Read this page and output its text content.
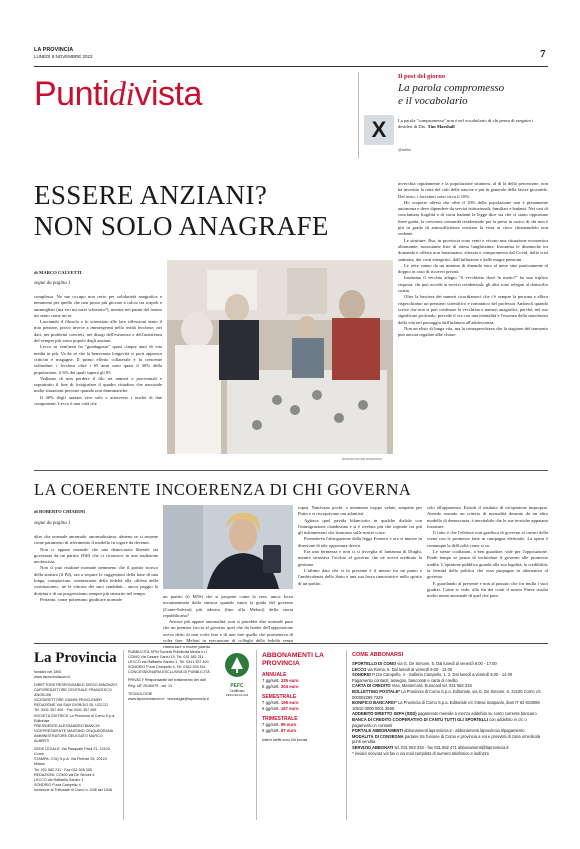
LA PROVINCIA
LUNEDÌ 6 NOVEMBRE 2023	7
Puntidivista	Il post del giorno
La parola compromesso
e il vocabolario
X
@twitter
La parola "compromesso" non è nel vocabolario di chi pensa di eseguire i desideri di Dio. Tim Marshall
ESSERE ANZIANI?
NON SOLO ANAGRAFE
di MARCO CALVETTI
segue da pagina 1

complessa. Ne me occupo non certo per solidarietà anagrafica e nemmeno per quello che non posso più giocare a calcio tra scapoli e ammogliati (ma ero mi sarei schierato?), mentre nei panni del nonno mi sento come un re.

Lasciando il filosofo e lo scienziato alle loro riflessioni sento il mio pensare, provo invece a immergermi nella realtà lecchese, nei dati, nei problemi concreti, nei disagi dell'esistenza e dell'assistenza del sempre più vasto popolo degli anziani.

Lecco in vent'anni ha "guadagnato" quasi cinque anni di vita media in più. Va da sé che la benvenuta longevità si porti appresso criticità e magagne. Il primo effetto collaterale è la crescente solitudine: i lecchesi oltre i 65 anni sono quasi il 30% della popolazione, il 6% dei quali supera gli 85.

Vediamo di non perdere il filo tra numeri e percentuali e soprattutto il fine di fotografare il quadro cittadino che nasconde molte situazioni precarie quando non drammatiche.

Il 40% degli anziani vive solo e attraverso i nuclei di due componenti. Lecco è una città che

RIPRODUZIONE RISERVATA

invecchia rapidamente e la popolazione straniera, al di là della percezione, non ha invertito la rotta del calo delle nascite e più in generale della fascia giovanile. Del resto, i forestieri sono circa il 10%.

Ho scoperto altresì che oltre il 10% della popolazione non è pienamente autonoma e deve dipendere da servizi istituzionali, familiari e badanti. Nei casi di conclamata fragilità e di vuoti badanti la legge dice sia che ci siano opportune linee guida, la crescente comunità residenziale per la presa in carico di chi non è più in grado di autosufficienza resistere la vista ai cieco chiamandolo non vedente.

Le strutture. Rsa, in provincia sono venti e vivono una situazione economica allarmante, nonostante liste di attesa lunghissime. Insomma le dinamiche tra domanda e offerta non funzionano, alterata e compromessa dal Covid, dalla crisi sanitaria, dai costi energetici, dall'inflazione e dalle magre pensioni.

Le rette vanno da un minimo di duemila euro al mese sino praticamente al doppio in caso di ricoveri privati.

Insomma il vecchio adagio "il vecchietto dove lo metto?" ha una triplice risposta: chi può accede ai servizi residenziali, gli altri sono relegati al domicilio coatto.

Oltre la barriera dei numeri ricordiamoci che c'è sempre la persona e allora rispecchiamo un pensiero scientifico e romantico del professor Andreoli quando scrive che non si può confinare la vecchiaia a numeri anagrafici, perché, nel suo significato profondo, precede il via con una mentalità e l'essenza della stanchezza della vita nel passaggio dall'infanzia all'adolescenza.

Non un elisir di lunga vita, ma la consapevolezza che la stagione del tramonto può ancora regalare albe chiare.

LA COERENTE INCOERENZA DI CHI GOVERNA
di ROBERTO CHIARINI
segue da pagina 1

altro che normale anormale, anormalissimo, almeno se si assume come parametro di riferimento il modello in vigore da decenni.

Non ci appare normale che una democrazia liberale sia governata da un partito (FdI) che ci riconosce in una tradizione neofascista.

Non ci può risultare normale nemmeno che il partito storico della sinistra (il Pd), ora a sequire le suggestioni della base di una lunga, compiaciuta, ostentazione della fedeltà alla «difesa della costituzione», né la vittoria dei suoi candidati... ancor peggio la dottrina e di un progressismo sempre più smarrito nel tempo.

Pertanto, come potremmo giudicare normale

un partito (il M5S) che si propone come la vera, unica forza incontaminata della sinistra quando vanta la guida del governo (Conte-Salvini) più adestra (fino alla Meloni) della storia repubblicana?

Ancora più appare anormalità, non si potrebbe dire normale pure che un premier faccia al governo quel che da leader dell'opposizione aveva detto di non voler fare e di non fare quello che prometteva di voler fare. Meloni in esecuzione di colleghi della fedeltà senza rinunciare a essere partito.

ropea. Nutrivano pochi, o nemmeno troppo velate, simpatie per Putin e si riscoprivano ora atlantisti.

Agitava quel pavida bilanciotto in qualche disfida con l'immigrazione clandestina e si è rivelata più che ospitale coi più gli inframezzati che sbarcano sulle nostre coste.

Prometteva l'abrogazione della legge Fornero e ora si muove in direzione di tale opportuna deriva.

Era una fermezza e non ci si risveglia al fantasma di Draghi, mentre strizzava l'occhio al governo che ne aveva ereditato la gestione.

L'ultimo dato che si fa presente è il mezzo fra un punto e l'ambivalenza dello Stato e una sua forza rinnovatrice nello spirito di un partito.

solo all'apparenza. Esistiti il risultato di un'opinione impropria. Avendo assunto un criterio di normalità desunto da un altro modello di democrazia, è inevitabile che le sue tecniche appaiano forzature.

Il fatto è che l'elettore non gradisca di governo al centro della scena con le promesse fatte in campagna elettorale. La opera è comunque la difficoltà come si sa.

Le stesse coalizioni, a ben guardare, vale per l'opposizione. Perde tempo se pensa di inchiodare il governo alle promesse tradite. L'opinione pubblica guarda alla sua legalità, la credibilità, la fermità della politica che essa propugna in alternativa al governo.

E guardando al presente e non al passato che for mulla i suoi giudizi. Come si vede, alla fin dei conti il nostro Paese risulta molto meno anormale di quel che pare.

La Provincia
fondato nel 1892
www.laprovinciacom.it
DIRETTORE RESPONSABILE DIEGO MINONZIO
CAPOREDATTORE CENTRALE FRANCESCO ANGELINI
VICEDIRETTORE GIANNI PROCLEMER
REDAZIONE VIA SAN GIORGIO 26, LECCO
Tel. 0341 357 400 · Fax 0341 357 499
SOCIETÀ EDITRICE La Provincia di Como S.p.a. Editoriale
PRESIDENTE ALESSANDRO BIANCHI
VICEPRESIDENTE MASSIMO CINQUEGRANA
AMMINISTRATORE DELEGATO MARCO ALBERTI
SEDE LEGALE: Via Pasquale Paoli 21, 22100 Como
STAMPA: CSQ S.p.A. Via Firenze 25, 20124 Milano
Tel. 031 582 211 · Fax 031 505 305
REDAZIONI: COMO via De Simoni 6
LECCO via Raffaello Sanzio 1
SONDRIO P.zza Campello 4
Iscrizione al Tribunale di Como n. 3/48 del 1948
PUBBLICITÀ SPM Società Pubblicità Media s.r.l.
COMO Via Cesare Cantù 15, Tel. 031 582 211
LECCO via Raffaello Sanzio 1, Tel. 0341 357 400
SONDRIO P.zza Campello 4, Tel. 0342 535 511
CONCESSIONARIA ESCLUSIVA DI PUBBLICITÀ
PRIVACY Responsabile del trattamento dei dati
Reg. UE 2016/679 - art. 13
TECNOLOGIE
www.laprovinciacom.it - tecnologia@laprovincia.it
PEFC
Certificato
PEFC/18-31-004
ABBONAMENTI LA PROVINCIA
ANNUALE
7 gg/sett. 335 euro
6 gg/sett. 304 euro
SEMESTRALE
7 gg/sett. 195 euro
6 gg/sett. 167 euro
TRIMESTRALE
7 gg/sett. 99 euro
6 gg/sett. 87 euro
tutte le tariffe sono IVA inclusa
COME ABBONARSI
SPORTELLO DI COMO via G. De Simone, 6. Dal lunedì al venerdì 9.00 - 17.00
LECCO via Roma, 6. Dal lunedì al venerdì 9.00 - 13.00
SONDRIO P.zza Campello, 4 - Galleria Campello, 1, 2. Dal lunedì a venerdì 9.00 - 14.00
Pagamento contanti, assegno, bancomat e carta di credito
CARTA DI CREDITO Visa, Mastercard, Eurocard tel. 031 582 333
BOLLETTINO POSTALE* La Provincia di Como S.p.a. Editoriale, via G. De Simone, 6, 22100 Como c/c 000002299 7229
BONIFICO BANCARIO* La Provincia di Como S.p.a. Editoriale c/c Intesa Sanpaolo, iban IT 62 K03069 10910 0000 0001 2695
ADDEBITO DIRETTO SEPA (SDD) pagamento mensile a mezzo addebito su conto corrente bancario
BANCA DI CREDITO COOPERATIVO DI CANTÙ TUTTI GLI SPORTELLI con addebito in c/c o pagamento in contanti
PORTALE ABBONAMENTI abbonamenti.laprovincia.it - abbonamenti.laprovincia.it/pagamento
MODALITÀ DI CONSEGNA partaire tra l'unione di Como e provincia a voi e provvisti di zona un'edicola punti vendita
SERVIZIO ABBONATI tel. 031 582 333 - fax 031 582 471 abbonamenti@laprovincia.it
* inviare ricevuta via fax o via mail completa di numero telefonico e indirizzo
